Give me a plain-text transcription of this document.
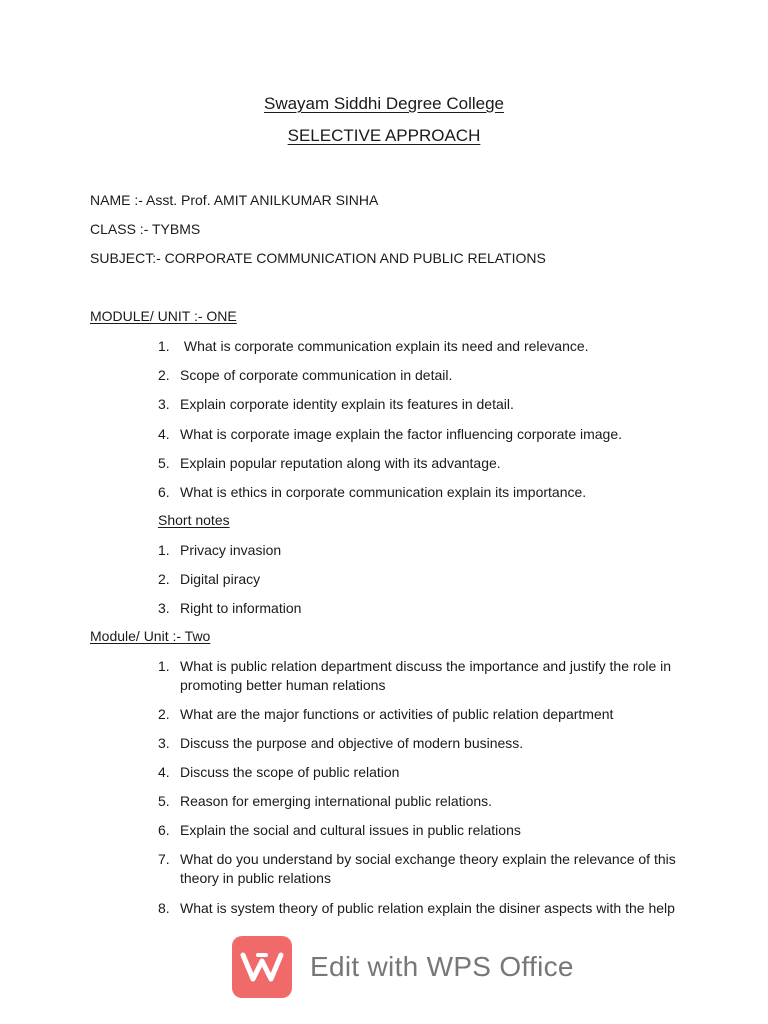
Swayam Siddhi Degree College
SELECTIVE APPROACH
NAME :- Asst. Prof. AMIT ANILKUMAR SINHA
CLASS :- TYBMS
SUBJECT:- CORPORATE COMMUNICATION AND PUBLIC RELATIONS
MODULE/ UNIT :- ONE
1. What is corporate communication explain its need and relevance.
2. Scope of corporate communication in detail.
3. Explain corporate identity explain its features in detail.
4. What is corporate image explain the factor influencing corporate image.
5. Explain popular reputation along with its advantage.
6. What is ethics in corporate communication explain its importance.
Short notes
1. Privacy invasion
2. Digital piracy
3. Right to information
Module/ Unit :- Two
1. What is public relation department discuss the importance and justify the role in promoting better human relations
2. What are the major functions or activities of public relation department
3. Discuss the purpose and objective of modern business.
4. Discuss the scope of public relation
5. Reason for emerging international public relations.
6. Explain the social and cultural issues in public relations
7. What do you understand by social exchange theory explain the relevance of this theory in public relations
8. What is system theory of public relation explain the disiner aspects with the help
Edit with WPS Office
